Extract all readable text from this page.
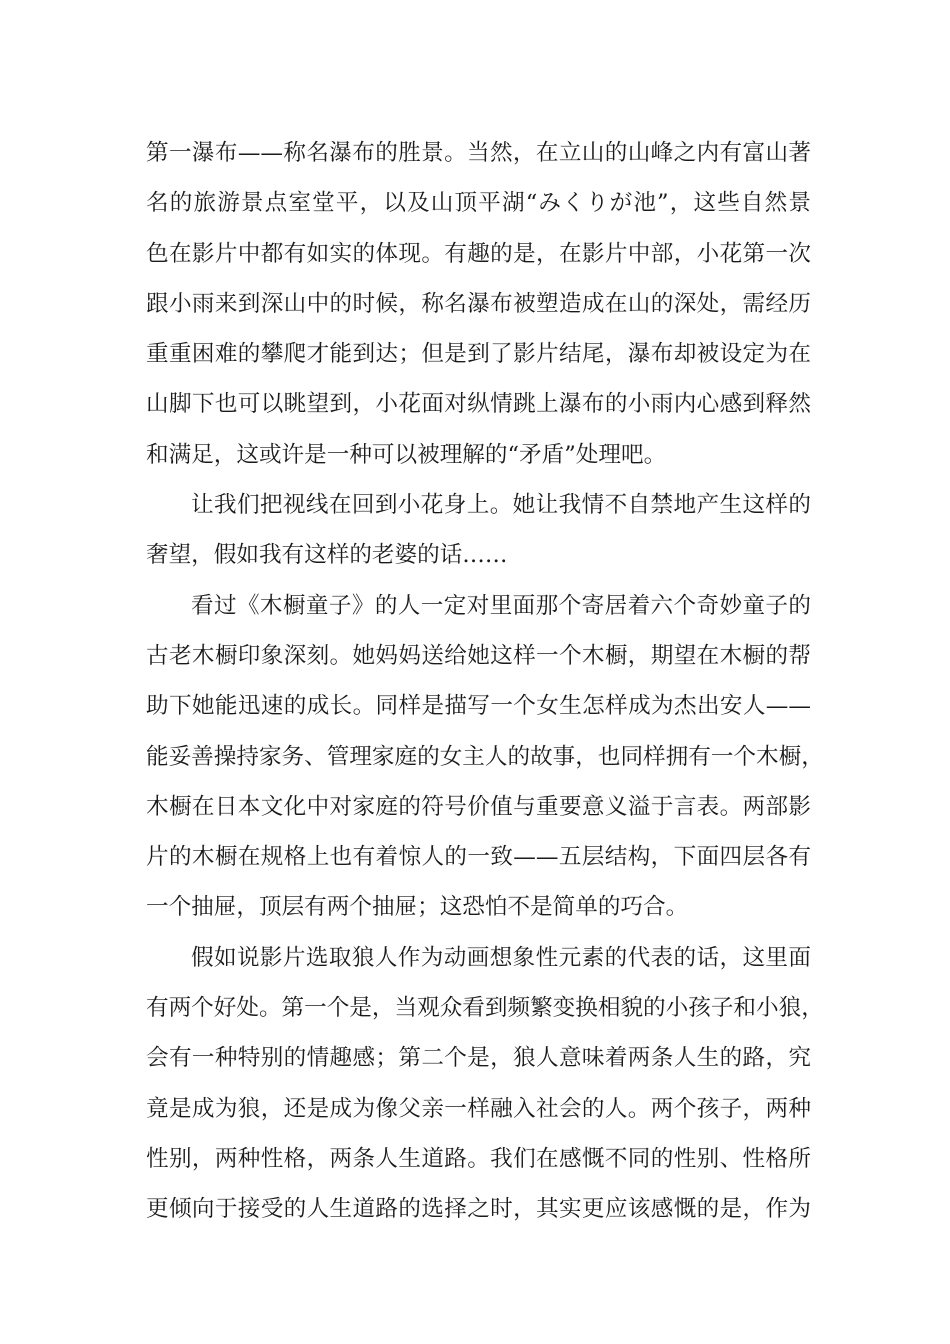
第一瀑布——称名瀑布的胜景。当然，在立山的山峰之内有富山著
名的旅游景点室堂平，以及山顶平湖“みくりが池”，这些自然景
色在影片中都有如实的体现。有趣的是，在影片中部，小花第一次
跟小雨来到深山中的时候，称名瀑布被塑造成在山的深处，需经历
重重困难的攀爬才能到达；但是到了影片结尾，瀑布却被设定为在
山脚下也可以眺望到，小花面对纵情跳上瀑布的小雨内心感到释然
和满足，这或许是一种可以被理解的“矛盾”处理吧。
让我们把视线在回到小花身上。她让我情不自禁地产生这样的
奢望，假如我有这样的老婆的话……
看过《木橱童子》的人一定对里面那个寄居着六个奇妙童子的
古老木橱印象深刻。她妈妈送给她这样一个木橱，期望在木橱的帮
助下她能迅速的成长。同样是描写一个女生怎样成为杰出安人——
能妥善操持家务、管理家庭的女主人的故事，也同样拥有一个木橱，
木橱在日本文化中对家庭的符号价值与重要意义溢于言表。两部影
片的木橱在规格上也有着惊人的一致——五层结构，下面四层各有
一个抽屉，顶层有两个抽屉；这恐怕不是简单的巧合。
假如说影片选取狼人作为动画想象性元素的代表的话，这里面
有两个好处。第一个是，当观众看到频繁变换相貌的小孩子和小狼，
会有一种特别的情趣感；第二个是，狼人意味着两条人生的路，究
竟是成为狼，还是成为像父亲一样融入社会的人。两个孩子，两种
性别，两种性格，两条人生道路。我们在感慨不同的性别、性格所
更倾向于接受的人生道路的选择之时，其实更应该感慨的是，作为
